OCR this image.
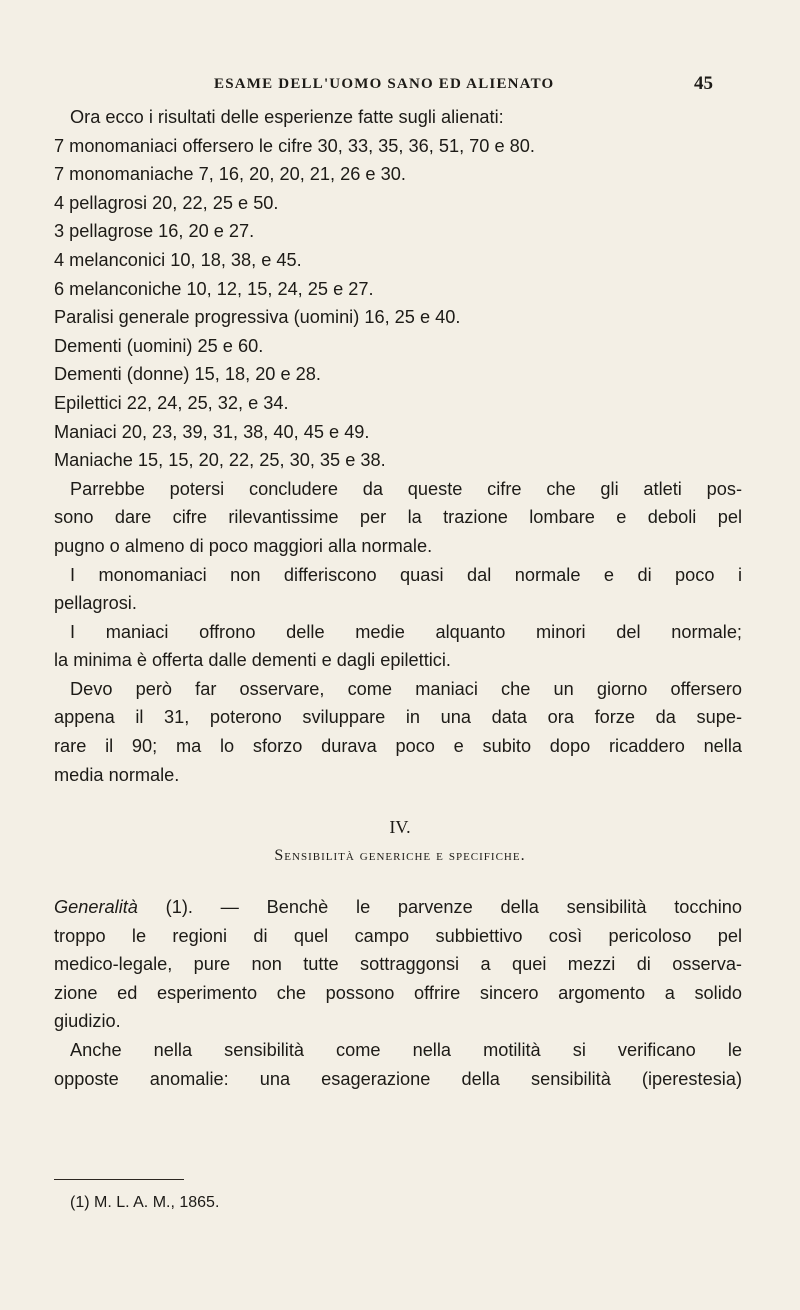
ESAME DELL'UOMO SANO ED ALIENATO	45
Ora ecco i risultati delle esperienze fatte sugli alienati:
7 monomaniaci offersero le cifre 30, 33, 35, 36, 51, 70 e 80.
7 monomaniache 7, 16, 20, 20, 21, 26 e 30.
4 pellagrosi 20, 22, 25 e 50.
3 pellagrose 16, 20 e 27.
4 melanconici 10, 18, 38, e 45.
6 melanconiche 10, 12, 15, 24, 25 e 27.
Paralisi generale progressiva (uomini) 16, 25 e 40.
Dementi (uomini) 25 e 60.
Dementi (donne) 15, 18, 20 e 28.
Epilettici 22, 24, 25, 32, e 34.
Maniaci 20, 23, 39, 31, 38, 40, 45 e 49.
Maniache 15, 15, 20, 22, 25, 30, 35 e 38.
Parrebbe potersi concludere da queste cifre che gli atleti pos-
sono dare cifre rilevantissime per la trazione lombare e deboli pel
pugno o almeno di poco maggiori alla normale.
I monomaniaci non differiscono quasi dal normale e di poco i
pellagrosi.
I maniaci offrono delle medie alquanto minori del normale;
la minima è offerta dalle dementi e dagli epilettici.
Devo però far osservare, come maniaci che un giorno offersero
appena il 31, poterono sviluppare in una data ora forze da supe-
rare il 90; ma lo sforzo durava poco e subito dopo ricaddero nella
media normale.
IV.
Sensibilità generiche e specifiche.
Generalità (1). — Benchè le parvenze della sensibilità tocchino
troppo le regioni di quel campo subbiettivo così pericoloso pel
medico-legale, pure non tutte sottraggonsi a quei mezzi di osserva-
zione ed esperimento che possono offrire sincero argomento a solido
giudizio.
Anche nella sensibilità come nella motilità si verificano le
opposte anomalie: una esagerazione della sensibilità (iperestesia)
(1) M. L. A. M., 1865.
